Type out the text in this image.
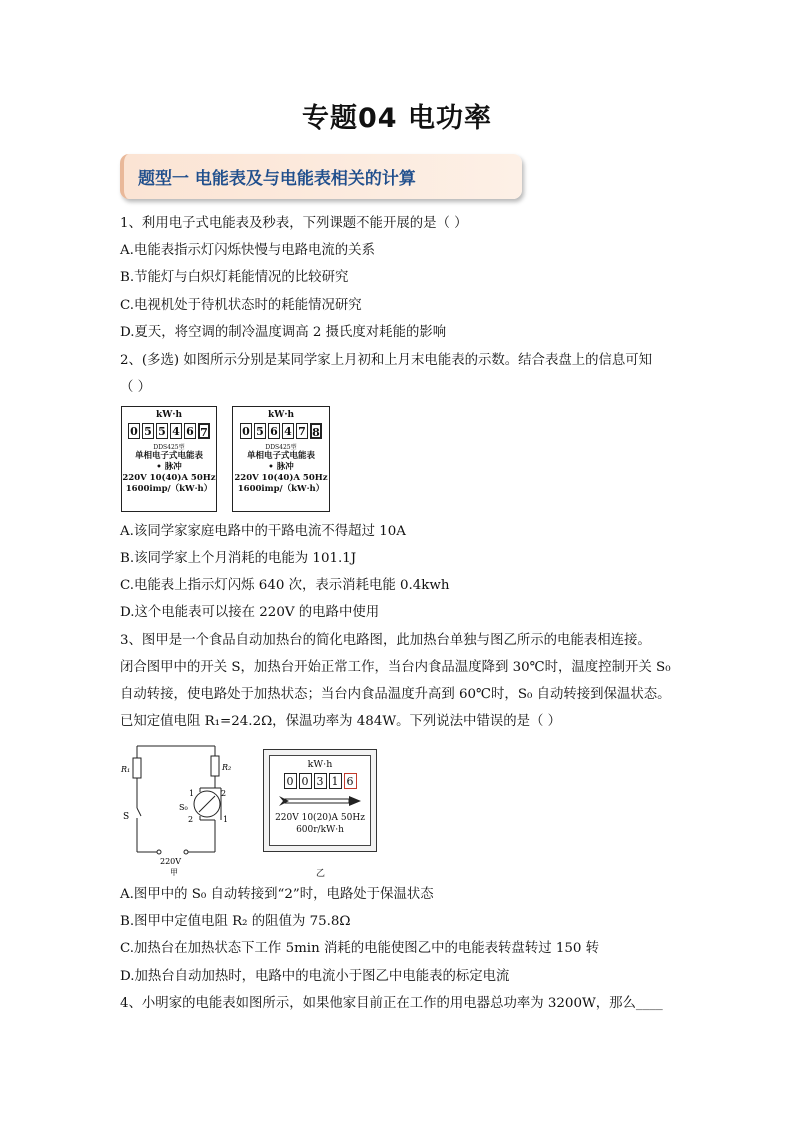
专题04 电功率
题型一 电能表及与电能表相关的计算
1、利用电子式电能表及秒表，下列课题不能开展的是（ ）
A.电能表指示灯闪烁快慢与电路电流的关系
B.节能灯与白炽灯耗能情况的比较研究
C.电视机处于待机状态时的耗能情况研究
D.夏天，将空调的制冷温度调高 2 摄氏度对耗能的影响
2、(多选) 如图所示分别是某同学家上月初和上月末电能表的示数。结合表盘上的信息可知
（ ）
kW·h
0 5 5 4 6 7
DDS425型
单相电子式电能表
• 脉冲
220V 10(40)A 50Hz
1600imp/（kW·h）
kW·h
0 5 6 4 7 8
DDS425型
单相电子式电能表
• 脉冲
220V 10(40)A 50Hz
1600imp/（kW·h）
A.该同学家家庭电路中的干路电流不得超过 10A
B.该同学家上个月消耗的电能为 101.1J
C.电能表上指示灯闪烁 640 次，表示消耗电能 0.4kwh
D.这个电能表可以接在 220V 的电路中使用
3、图甲是一个食品自动加热台的简化电路图，此加热台单独与图乙所示的电能表相连接。
闭合图甲中的开关 S，加热台开始正常工作，当台内食品温度降到 30℃时，温度控制开关 S₀
自动转接，使电路处于加热状态；当台内食品温度升高到 60℃时，S₀ 自动转接到保温状态。
已知定值电阻 R₁=24.2Ω，保温功率为 484W。下列说法中错误的是（ ）
R₁	R₂
S
S₀
1	2
2	1
220V
甲
kW·h
0 0 3 1 6
220V 10(20)A 50Hz
600r/kW·h
乙
A.图甲中的 S₀ 自动转接到“2”时，电路处于保温状态
B.图甲中定值电阻 R₂ 的阻值为 75.8Ω
C.加热台在加热状态下工作 5min 消耗的电能使图乙中的电能表转盘转过 150 转
D.加热台自动加热时，电路中的电流小于图乙中电能表的标定电流
4、小明家的电能表如图所示，如果他家目前正在工作的用电器总功率为 3200W，那么____
